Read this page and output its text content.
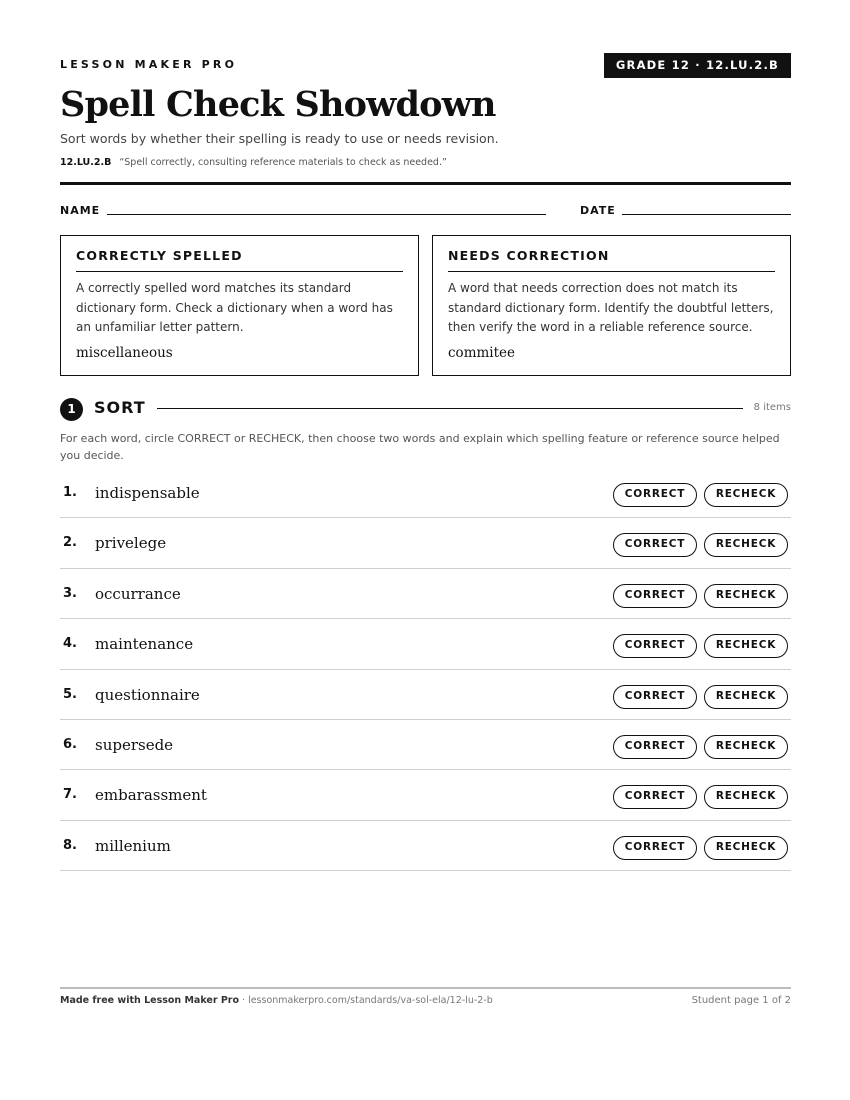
LESSON MAKER PRO	GRADE 12 · 12.LU.2.B
Spell Check Showdown
Sort words by whether their spelling is ready to use or needs revision.
12.LU.2.B “Spell correctly, consulting reference materials to check as needed.”
NAME	DATE
CORRECTLY SPELLED
A correctly spelled word matches its standard dictionary form. Check a dictionary when a word has an unfamiliar letter pattern.
miscellaneous
NEEDS CORRECTION
A word that needs correction does not match its standard dictionary form. Identify the doubtful letters, then verify the word in a reliable reference source.
commitee
1	SORT	8 items
For each word, circle CORRECT or RECHECK, then choose two words and explain which spelling feature or reference source helped you decide.
1. indispensable	CORRECT	RECHECK
2. privelege	CORRECT	RECHECK
3. occurrance	CORRECT	RECHECK
4. maintenance	CORRECT	RECHECK
5. questionnaire	CORRECT	RECHECK
6. supersede	CORRECT	RECHECK
7. embarassment	CORRECT	RECHECK
8. millenium	CORRECT	RECHECK
Made free with Lesson Maker Pro · lessonmakerpro.com/standards/va-sol-ela/12-lu-2-b	Student page 1 of 2
